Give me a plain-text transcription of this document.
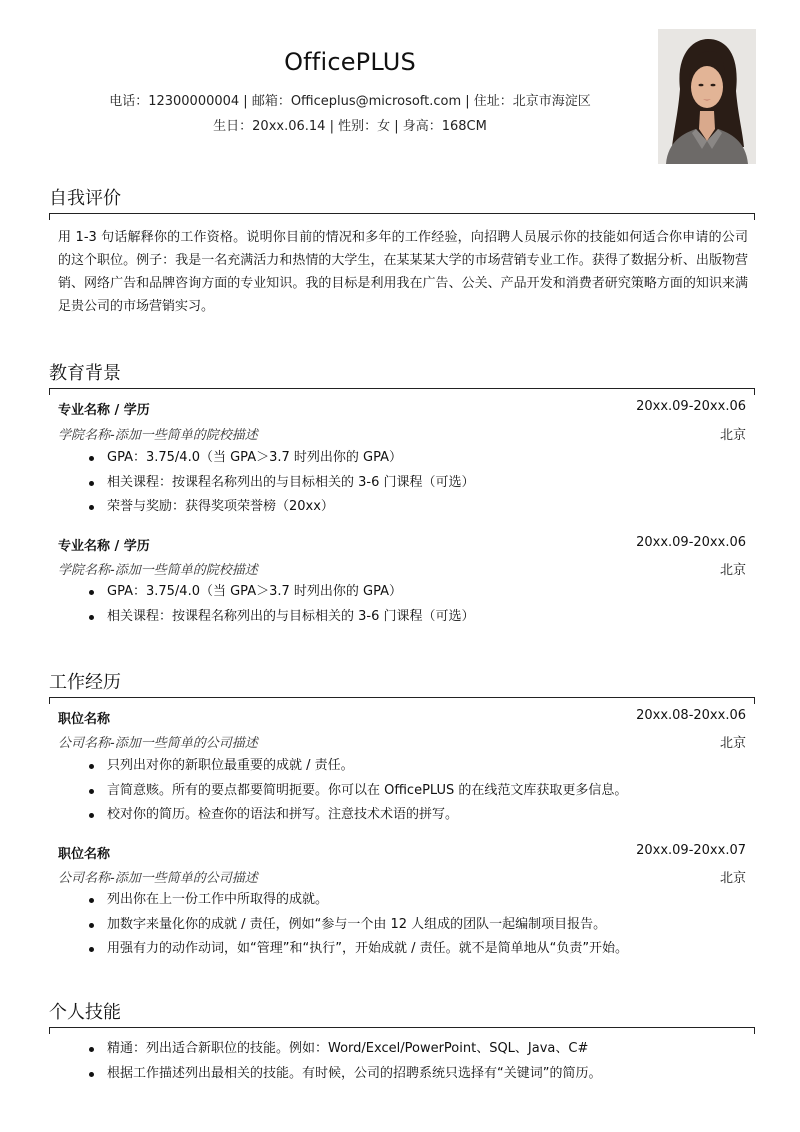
OfficePLUS
电话：12300000004 | 邮箱：Officeplus@microsoft.com | 住址：北京市海淀区
生日：20xx.06.14 | 性别：女 | 身高：168CM
自我评价
用 1-3 句话解释你的工作资格。说明你目前的情况和多年的工作经验，向招聘人员展示你的技能如何适合你申请的公司的这个职位。例子：我是一名充满活力和热情的大学生，在某某某大学的市场营销专业工作。获得了数据分析、出版物营销、网络广告和品牌咨询方面的专业知识。我的目标是利用我在广告、公关、产品开发和消费者研究策略方面的知识来满足贵公司的市场营销实习。
教育背景
专业名称 / 学历	20xx.09-20xx.06
学院名称-添加一些简单的院校描述	北京
GPA：3.75/4.0（当 GPA＞3.7 时列出你的 GPA）
相关课程：按课程名称列出的与目标相关的 3-6 门课程（可选）
荣誉与奖励：获得奖项荣誉榜（20xx）
专业名称 / 学历	20xx.09-20xx.06
学院名称-添加一些简单的院校描述	北京
GPA：3.75/4.0（当 GPA＞3.7 时列出你的 GPA）
相关课程：按课程名称列出的与目标相关的 3-6 门课程（可选）
工作经历
职位名称	20xx.08-20xx.06
公司名称-添加一些简单的公司描述	北京
只列出对你的新职位最重要的成就 / 责任。
言简意赅。所有的要点都要简明扼要。你可以在 OfficePLUS 的在线范文库获取更多信息。
校对你的简历。检查你的语法和拼写。注意技术术语的拼写。
职位名称	20xx.09-20xx.07
公司名称-添加一些简单的公司描述	北京
列出你在上一份工作中所取得的成就。
加数字来量化你的成就 / 责任，例如“参与一个由 12 人组成的团队一起编制项目报告。
用强有力的动作动词，如“管理”和“执行”，开始成就 / 责任。就不是简单地从“负责”开始。
个人技能
精通：列出适合新职位的技能。例如：Word/Excel/PowerPoint、SQL、Java、C#
根据工作描述列出最相关的技能。有时候，公司的招聘系统只选择有“关键词”的简历。
